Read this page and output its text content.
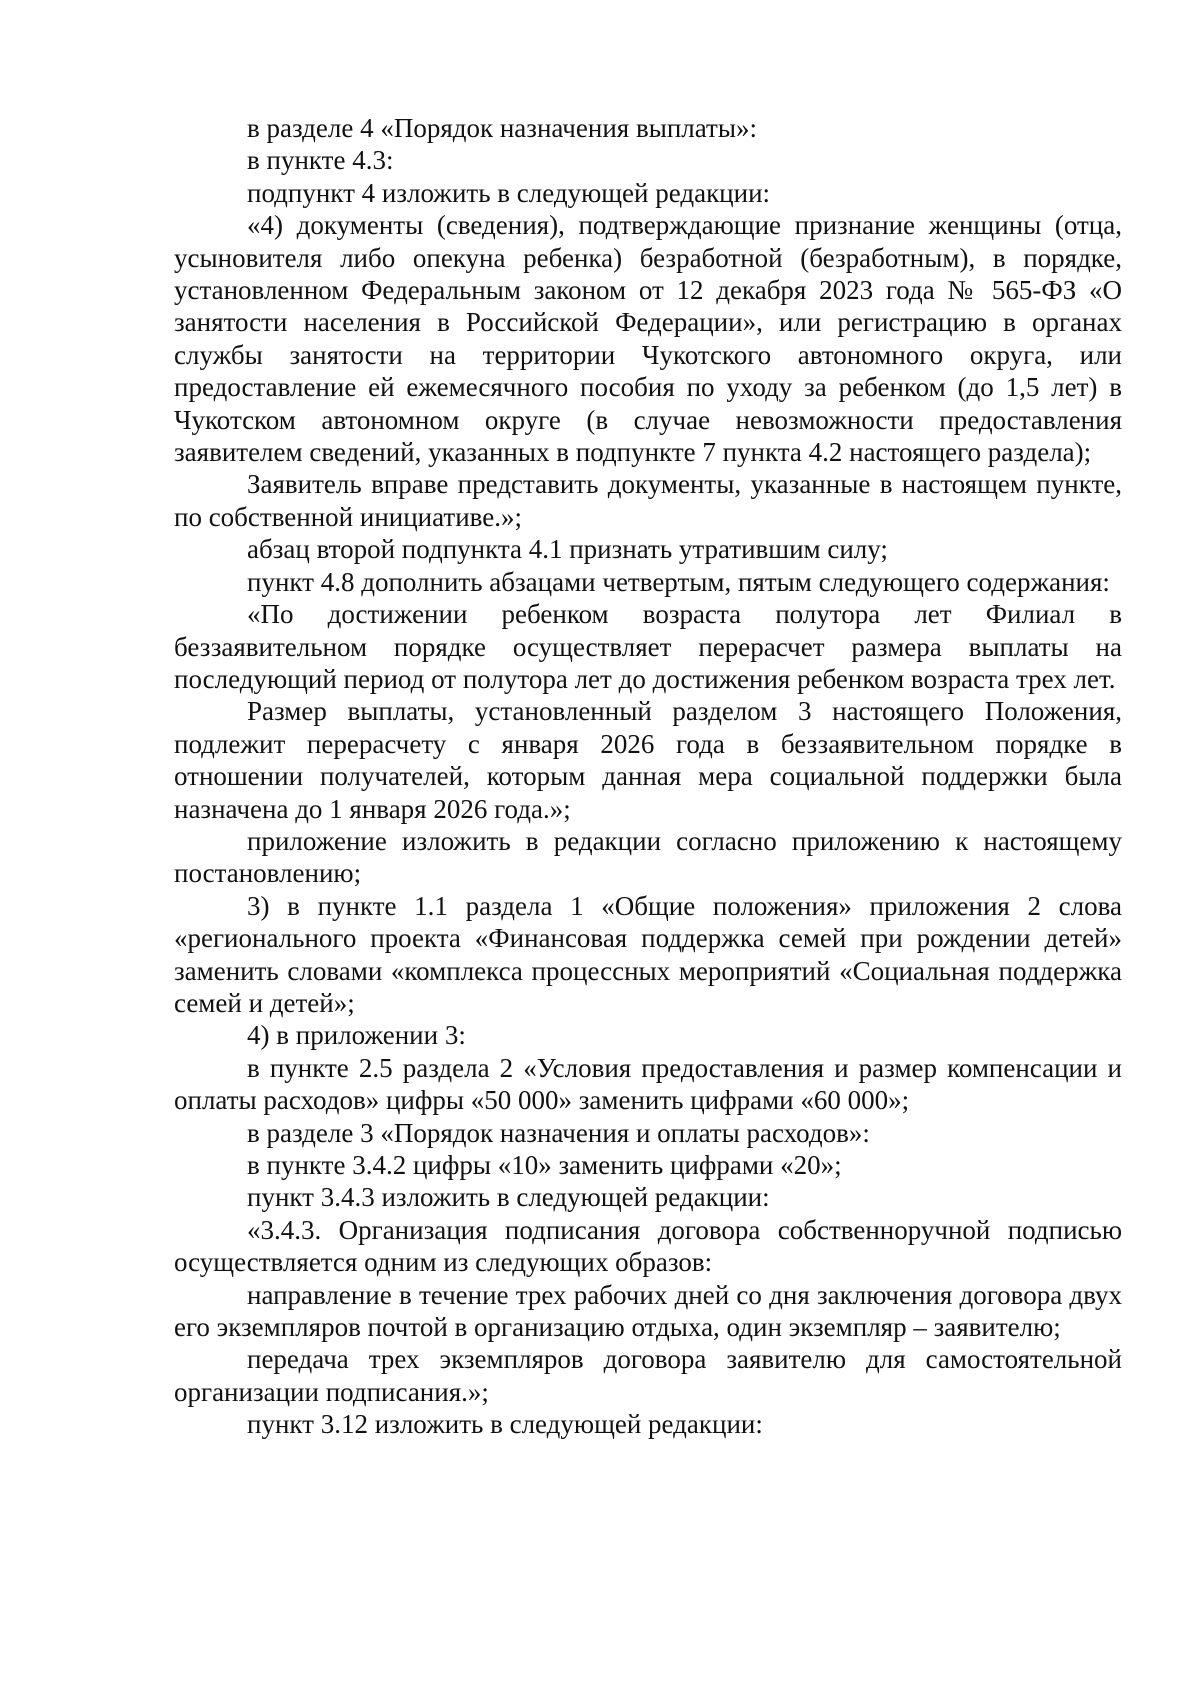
в разделе 4 «Порядок назначения выплаты»:

в пункте 4.3:

подпункт 4 изложить в следующей редакции:

«4) документы (сведения), подтверждающие признание женщины (отца, усыновителя либо опекуна ребенка) безработной (безработным), в порядке, установленном Федеральным законом от 12 декабря 2023 года № 565-ФЗ «О занятости населения в Российской Федерации», или регистрацию в органах службы занятости на территории Чукотского автономного округа, или предоставление ей ежемесячного пособия по уходу за ребенком (до 1,5 лет) в Чукотском автономном округе (в случае невозможности предоставления заявителем сведений, указанных в подпункте 7 пункта 4.2 настоящего раздела);

Заявитель вправе представить документы, указанные в настоящем пункте, по собственной инициативе.»;

абзац второй подпункта 4.1 признать утратившим силу;

пункт 4.8 дополнить абзацами четвертым, пятым следующего содержания:

«По достижении ребенком возраста полутора лет Филиал в беззаявительном порядке осуществляет перерасчет размера выплаты на последующий период от полутора лет до достижения ребенком возраста трех лет.

Размер выплаты, установленный разделом 3 настоящего Положения, подлежит перерасчету с января 2026 года в беззаявительном порядке в отношении получателей, которым данная мера социальной поддержки была назначена до 1 января 2026 года.»;

приложение изложить в редакции согласно приложению к настоящему постановлению;

3) в пункте 1.1 раздела 1 «Общие положения» приложения 2 слова «регионального проекта «Финансовая поддержка семей при рождении детей» заменить словами «комплекса процессных мероприятий «Социальная поддержка семей и детей»;

4) в приложении 3:

в пункте 2.5 раздела 2 «Условия предоставления и размер компенсации и оплаты расходов» цифры «50 000» заменить цифрами «60 000»;

в разделе 3 «Порядок назначения и оплаты расходов»:

в пункте 3.4.2 цифры «10» заменить цифрами «20»;

пункт 3.4.3 изложить в следующей редакции:

«3.4.3. Организация подписания договора собственноручной подписью осуществляется одним из следующих образов:

направление в течение трех рабочих дней со дня заключения договора двух его экземпляров почтой в организацию отдыха, один экземпляр – заявителю;

передача трех экземпляров договора заявителю для самостоятельной организации подписания.»;

пункт 3.12 изложить в следующей редакции:
